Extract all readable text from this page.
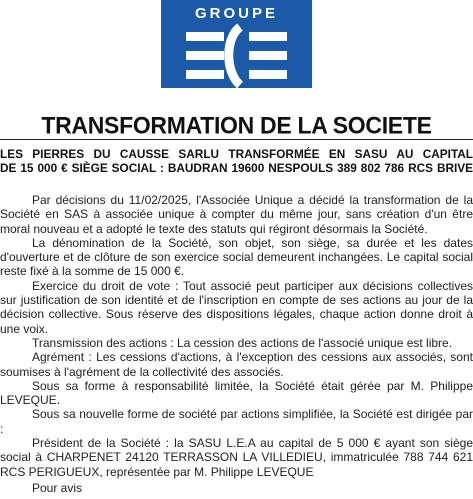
GROUPE
TRANSFORMATION DE LA SOCIETE
LES PIERRES DU CAUSSE SARLU TRANSFORMÉE EN SASU AU CAPITAL
DE 15 000 € SIÈGE SOCIAL : BAUDRAN 19600 NESPOULS 389 802 786 RCS BRIVE

Par décisions du 11/02/2025, l'Associée Unique a décidé la transformation de la Société en SAS à associée unique à compter du même jour, sans création d'un être moral nouveau et a adopté le texte des statuts qui régiront désormais la Société.

La dénomination de la Société, son objet, son siège, sa durée et les dates d'ouverture et de clôture de son exercice social demeurent inchangées. Le capital social reste fixé à la somme de 15 000 €.

Exercice du droit de vote : Tout associé peut participer aux décisions collectives sur justification de son identité et de l'inscription en compte de ses actions au jour de la décision collective. Sous réserve des dispositions légales, chaque action donne droit à une voix.

Transmission des actions : La cession des actions de l'associé unique est libre.

Agrément : Les cessions d'actions, à l'exception des cessions aux associés, sont soumises à l'agrément de la collectivité des associés.

Sous sa forme à responsabilité limitée, la Société était gérée par M. Philippe LEVEQUE.

Sous sa nouvelle forme de société par actions simplifiée, la Société est dirigée par :

Président de la Société : la SASU L.E.A au capital de 5 000 € ayant son siège social à CHARPENET 24120 TERRASSON LA VILLEDIEU, immatriculée 788 744 621 RCS PERIGUEUX, représentée par M. Philippe LEVEQUE

Pour avis
